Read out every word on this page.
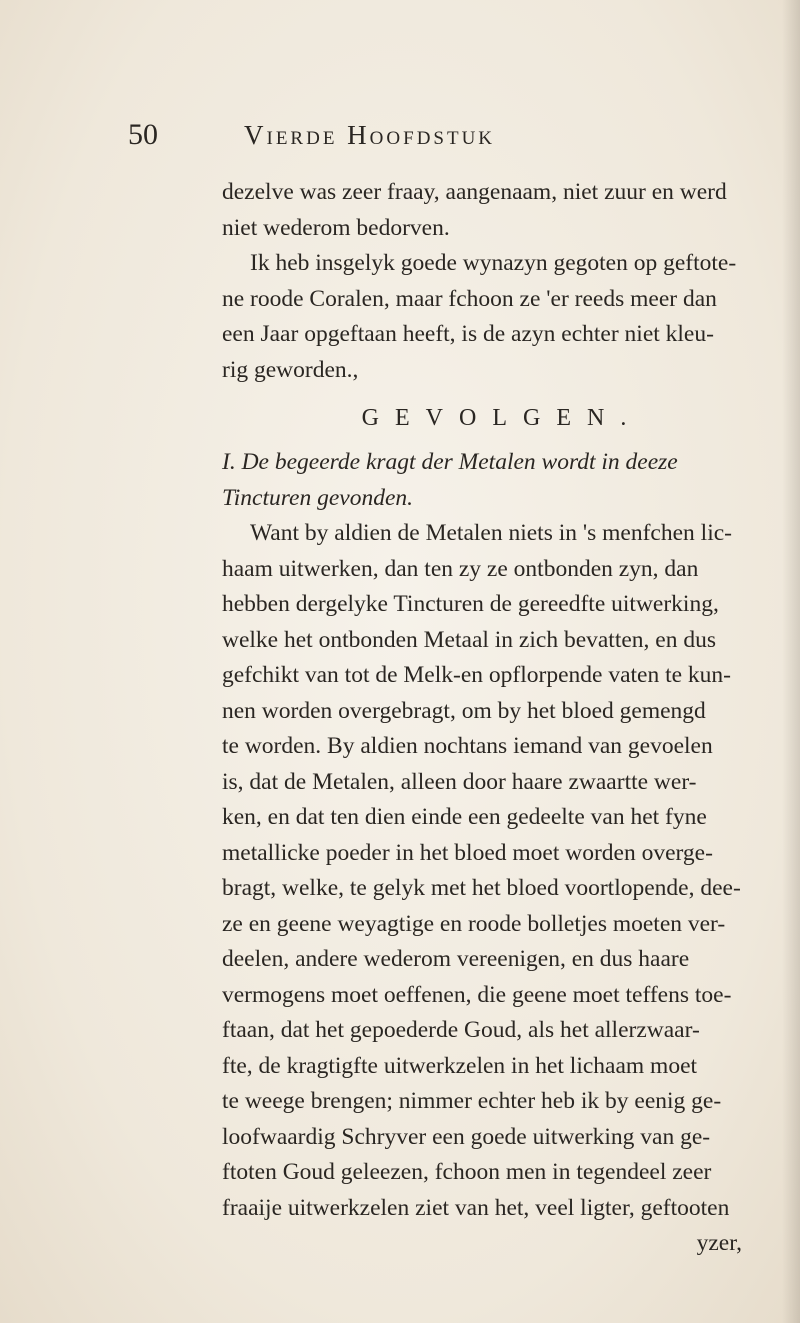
50	Vierde Hoofdstuk
dezelve was zeer fraay, aangenaam, niet zuur en werd
niet wederom bedorven.
Ik heb insgelyk goede wynazyn gegoten op geftote-
ne roode Coralen, maar fchoon ze 'er reeds meer dan
een Jaar opgeftaan heeft, is de azyn echter niet kleu-
rig geworden.,
GEVOLGEN.
I. De begeerde kragt der Metalen wordt in deeze
Tincturen gevonden.
Want by aldien de Metalen niets in 's menfchen lic-
haam uitwerken, dan ten zy ze ontbonden zyn, dan
hebben dergelyke Tincturen de gereedfte uitwerking,
welke het ontbonden Metaal in zich bevatten, en dus
gefchikt van tot de Melk-en opflorpende vaten te kun-
nen worden overgebragt, om by het bloed gemengd
te worden. By aldien nochtans iemand van gevoelen
is, dat de Metalen, alleen door haare zwaartte wer-
ken, en dat ten dien einde een gedeelte van het fyne
metallicke poeder in het bloed moet worden overge-
bragt, welke, te gelyk met het bloed voortlopende, dee-
ze en geene weyagtige en roode bolletjes moeten ver-
deelen, andere wederom vereenigen, en dus haare
vermogens moet oeffenen, die geene moet teffens toe-
ftaan, dat het gepoederde Goud, als het allerzwaar-
fte, de kragtigfte uitwerkzelen in het lichaam moet
te weege brengen; nimmer echter heb ik by eenig ge-
loofwaardig Schryver een goede uitwerking van ge-
ftoten Goud geleezen, fchoon men in tegendeel zeer
fraaije uitwerkzelen ziet van het, veel ligter, geftooten
yzer,
